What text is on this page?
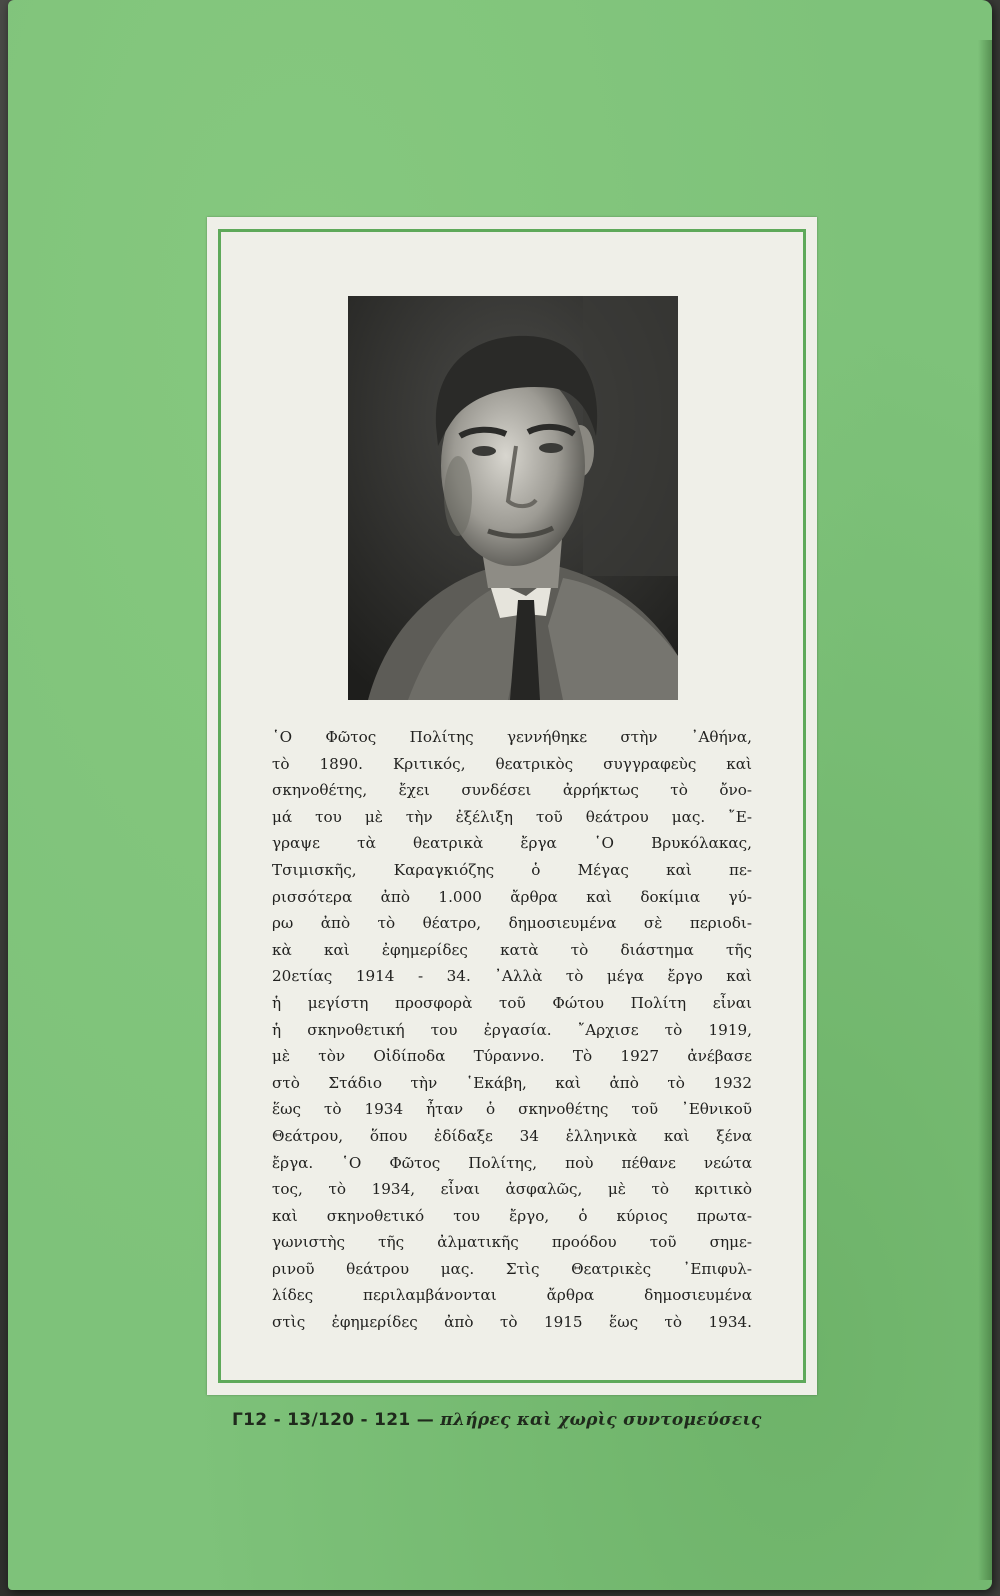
῾Ο Φῶτος Πολίτης γεννήθηκε στὴν ᾿Αθήνα,
τὸ 1890. Κριτικός, θεατρικὸς συγγραφεὺς καὶ
σκηνοθέτης, ἔχει συνδέσει ἀρρήκτως τὸ ὄνο-
μά του μὲ τὴν ἐξέλιξη τοῦ θεάτρου μας. ῎Ε-
γραψε τὰ θεατρικὰ ἔργα ῾Ο Βρυκόλακας,
Τσιμισκῆς, Καραγκιόζης ὁ Μέγας καὶ πε-
ρισσότερα ἀπὸ 1.000 ἄρθρα καὶ δοκίμια γύ-
ρω ἀπὸ τὸ θέατρο, δημοσιευμένα σὲ περιοδι-
κὰ καὶ ἐφημερίδες κατὰ τὸ διάστημα τῆς
20ετίας 1914 - 34. ᾿Αλλὰ τὸ μέγα ἔργο καὶ
ἡ μεγίστη προσφορὰ τοῦ Φώτου Πολίτη εἶναι
ἡ σκηνοθετική του ἐργασία. ῎Αρχισε τὸ 1919,
μὲ τὸν Οἰδίποδα Τύραννο. Τὸ 1927 ἀνέβασε
στὸ Στάδιο τὴν ῾Εκάβη, καὶ ἀπὸ τὸ 1932
ἕως τὸ 1934 ἦταν ὁ σκηνοθέτης τοῦ ᾿Εθνικοῦ
Θεάτρου, ὅπου ἐδίδαξε 34 ἑλληνικὰ καὶ ξένα
ἔργα. ῾Ο Φῶτος Πολίτης, ποὺ πέθανε νεώτα
τος, τὸ 1934, εἶναι ἀσφαλῶς, μὲ τὸ κριτικὸ
καὶ σκηνοθετικό του ἔργο, ὁ κύριος πρωτα-
γωνιστὴς τῆς ἀλματικῆς προόδου τοῦ σημε-
ρινοῦ θεάτρου μας. Στὶς Θεατρικὲς ᾿Επιφυλ-
λίδες περιλαμβάνονται ἄρθρα δημοσιευμένα
στὶς ἐφημερίδες ἀπὸ τὸ 1915 ἕως τὸ 1934.
Γ12 - 13/120 - 121 — πλήρες καὶ χωρὶς συντομεύσεις
